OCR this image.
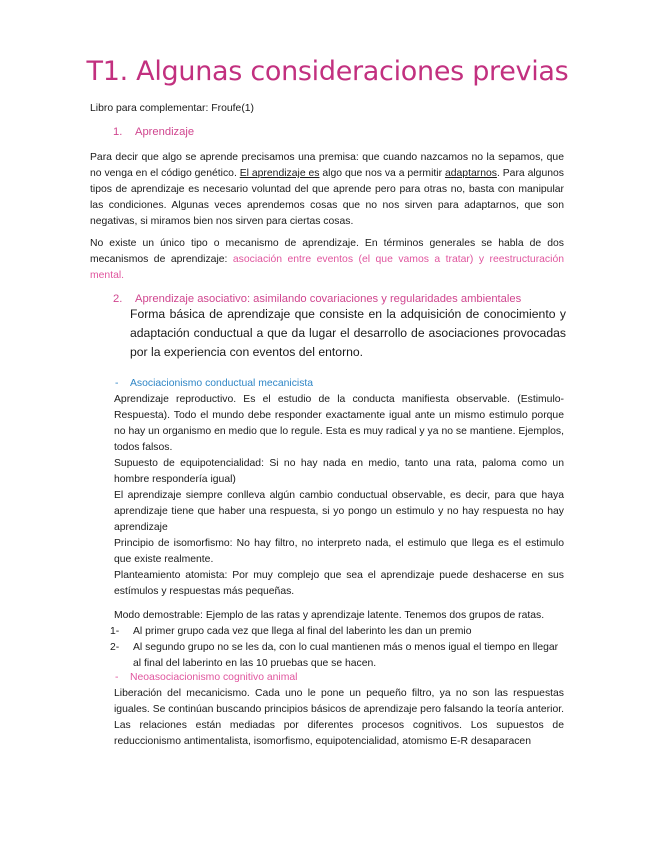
T1. Algunas consideraciones previas

Libro para complementar: Froufe(1)

1. Aprendizaje

Para decir que algo se aprende precisamos una premisa: que cuando nazcamos no la sepamos, que no venga en el código genético. El aprendizaje es algo que nos va a permitir adaptarnos. Para algunos tipos de aprendizaje es necesario voluntad del que aprende pero para otras no, basta con manipular las condiciones. Algunas veces aprendemos cosas que no nos sirven para adaptarnos, que son negativas, si miramos bien nos sirven para ciertas cosas.

No existe un único tipo o mecanismo de aprendizaje. En términos generales se habla de dos mecanismos de aprendizaje: asociación entre eventos (el que vamos a tratar) y reestructuración mental.

2. Aprendizaje asociativo: asimilando covariaciones y regularidades ambientales

Forma básica de aprendizaje que consiste en la adquisición de conocimiento y adaptación conductual a que da lugar el desarrollo de asociaciones provocadas por la experiencia con eventos del entorno.

- Asociacionismo conductual mecanicista

Aprendizaje reproductivo. Es el estudio de la conducta manifiesta observable. (Estimulo-Respuesta). Todo el mundo debe responder exactamente igual ante un mismo estimulo porque no hay un organismo en medio que lo regule. Esta es muy radical y ya no se mantiene. Ejemplos, todos falsos.
Supuesto de equipotencialidad: Si no hay nada en medio, tanto una rata, paloma como un hombre respondería igual)
El aprendizaje siempre conlleva algún cambio conductual observable, es decir, para que haya aprendizaje tiene que haber una respuesta, si yo pongo un estimulo y no hay respuesta no hay aprendizaje
Principio de isomorfismo: No hay filtro, no interpreto nada, el estimulo que llega es el estimulo que existe realmente.
Planteamiento atomista: Por muy complejo que sea el aprendizaje puede deshacerse en sus estímulos y respuestas más pequeñas.

Modo demostrable: Ejemplo de las ratas y aprendizaje latente. Tenemos dos grupos de ratas.

1-	Al primer grupo cada vez que llega al final del laberinto les dan un premio
2-	Al segundo grupo no se les da, con lo cual mantienen más o menos igual el tiempo en llegar al final del laberinto en las 10 pruebas que se hacen.

- Neoasociacionismo cognitivo animal

Liberación del mecanicismo. Cada uno le pone un pequeño filtro, ya no son las respuestas iguales. Se continúan buscando principios básicos de aprendizaje pero falsando la teoría anterior. Las relaciones están mediadas por diferentes procesos cognitivos. Los supuestos de reduccionismo antimentalista, isomorfismo, equipotencialidad, atomismo E-R desaparacen
